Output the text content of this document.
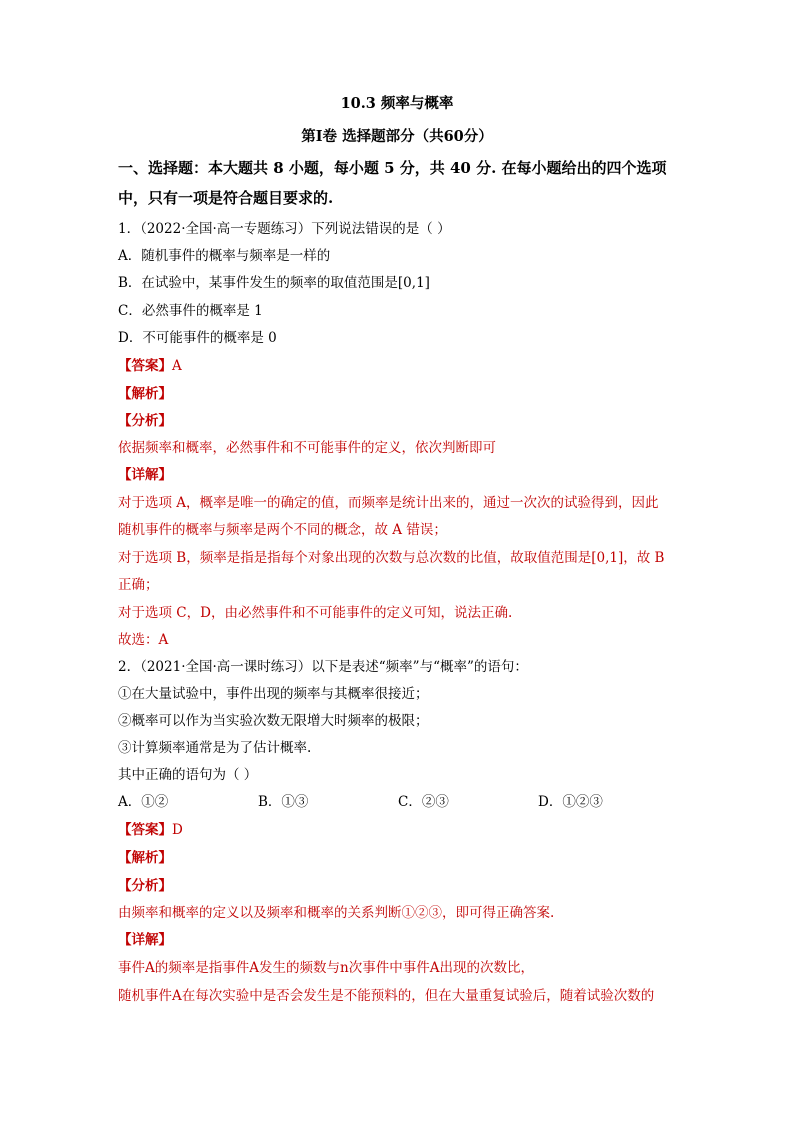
10.3 频率与概率
第Ⅰ卷 选择题部分（共60分）
一、选择题：本大题共 8 小题，每小题 5 分，共 40 分. 在每小题给出的四个选项
中，只有一项是符合题目要求的.
1．（2022·全国·高一专题练习）下列说法错误的是（ ）
A．随机事件的概率与频率是一样的
B．在试验中，某事件发生的频率的取值范围是[0,1]
C．必然事件的概率是 1
D．不可能事件的概率是 0
【答案】A
【解析】
【分析】
依据频率和概率，必然事件和不可能事件的定义，依次判断即可
【详解】
对于选项 A，概率是唯一的确定的值，而频率是统计出来的，通过一次次的试验得到，因此
随机事件的概率与频率是两个不同的概念，故 A 错误；
对于选项 B，频率是指是指每个对象出现的次数与总次数的比值，故取值范围是[0,1]，故 B
正确；
对于选项 C，D，由必然事件和不可能事件的定义可知，说法正确.
故选：A
2．（2021·全国·高一课时练习）以下是表述“频率”与“概率”的语句：
①在大量试验中，事件出现的频率与其概率很接近；
②概率可以作为当实验次数无限增大时频率的极限；
③计算频率通常是为了估计概率.
其中正确的语句为（ ）
A．①②	B．①③	C．②③	D．①②③
【答案】D
【解析】
【分析】
由频率和概率的定义以及频率和概率的关系判断①②③，即可得正确答案.
【详解】
事件A的频率是指事件A发生的频数与n次事件中事件A出现的次数比，
随机事件A在每次实验中是否会发生是不能预料的，但在大量重复试验后，随着试验次数的
